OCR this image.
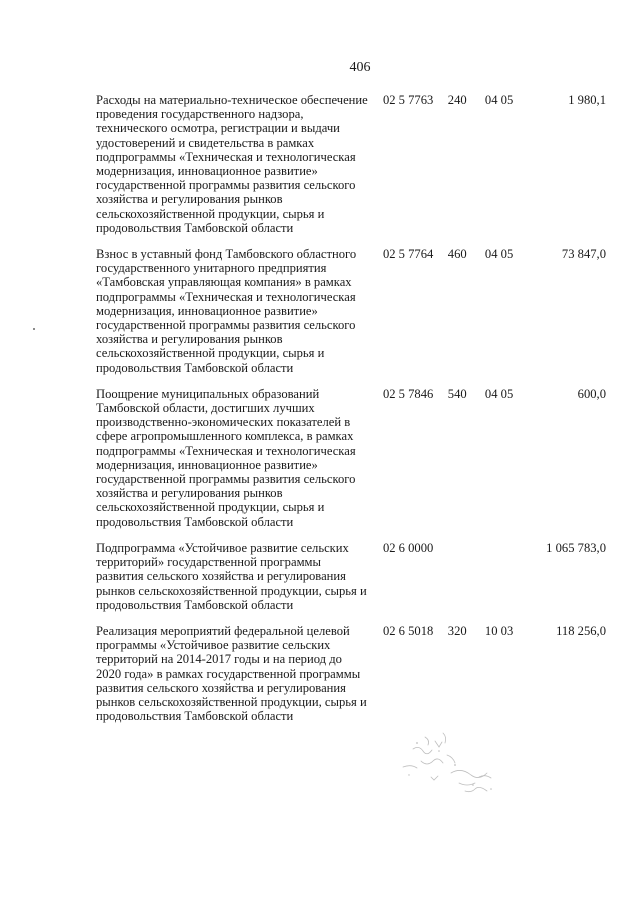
406
Расходы на материально-техническое обеспечение проведения государственного надзора, технического осмотра, регистрации и выдачи удостоверений и свидетельства в рамках подпрограммы «Техническая и технологическая модернизация, инновационное развитие» государственной программы развития сельского хозяйства и регулирования рынков сельскохозяйственной продукции, сырья и продовольствия Тамбовской области	02 5 7763	240	04 05	1 980,1
Взнос в уставный фонд Тамбовского областного государственного унитарного предприятия «Тамбовская управляющая компания» в рамках подпрограммы «Техническая и технологическая модернизация, инновационное развитие» государственной программы развития сельского хозяйства и регулирования рынков сельскохозяйственной продукции, сырья и продовольствия Тамбовской области	02 5 7764	460	04 05	73 847,0
Поощрение муниципальных образований Тамбовской области, достигших лучших производственно-экономических показателей в сфере агропромышленного комплекса, в рамках подпрограммы «Техническая и технологическая модернизация, инновационное развитие» государственной программы развития сельского хозяйства и регулирования рынков сельскохозяйственной продукции, сырья и продовольствия Тамбовской области	02 5 7846	540	04 05	600,0
Подпрограмма «Устойчивое развитие сельских территорий» государственной программы развития сельского хозяйства и регулирования рынков сельскохозяйственной продукции, сырья и продовольствия Тамбовской области	02 6 0000			1 065 783,0
Реализация мероприятий федеральной целевой программы «Устойчивое развитие сельских территорий на 2014-2017 годы и на период до 2020 года» в рамках государственной программы развития сельского хозяйства и регулирования рынков сельскохозяйственной продукции, сырья и продовольствия Тамбовской области	02 6 5018	320	10 03	118 256,0
